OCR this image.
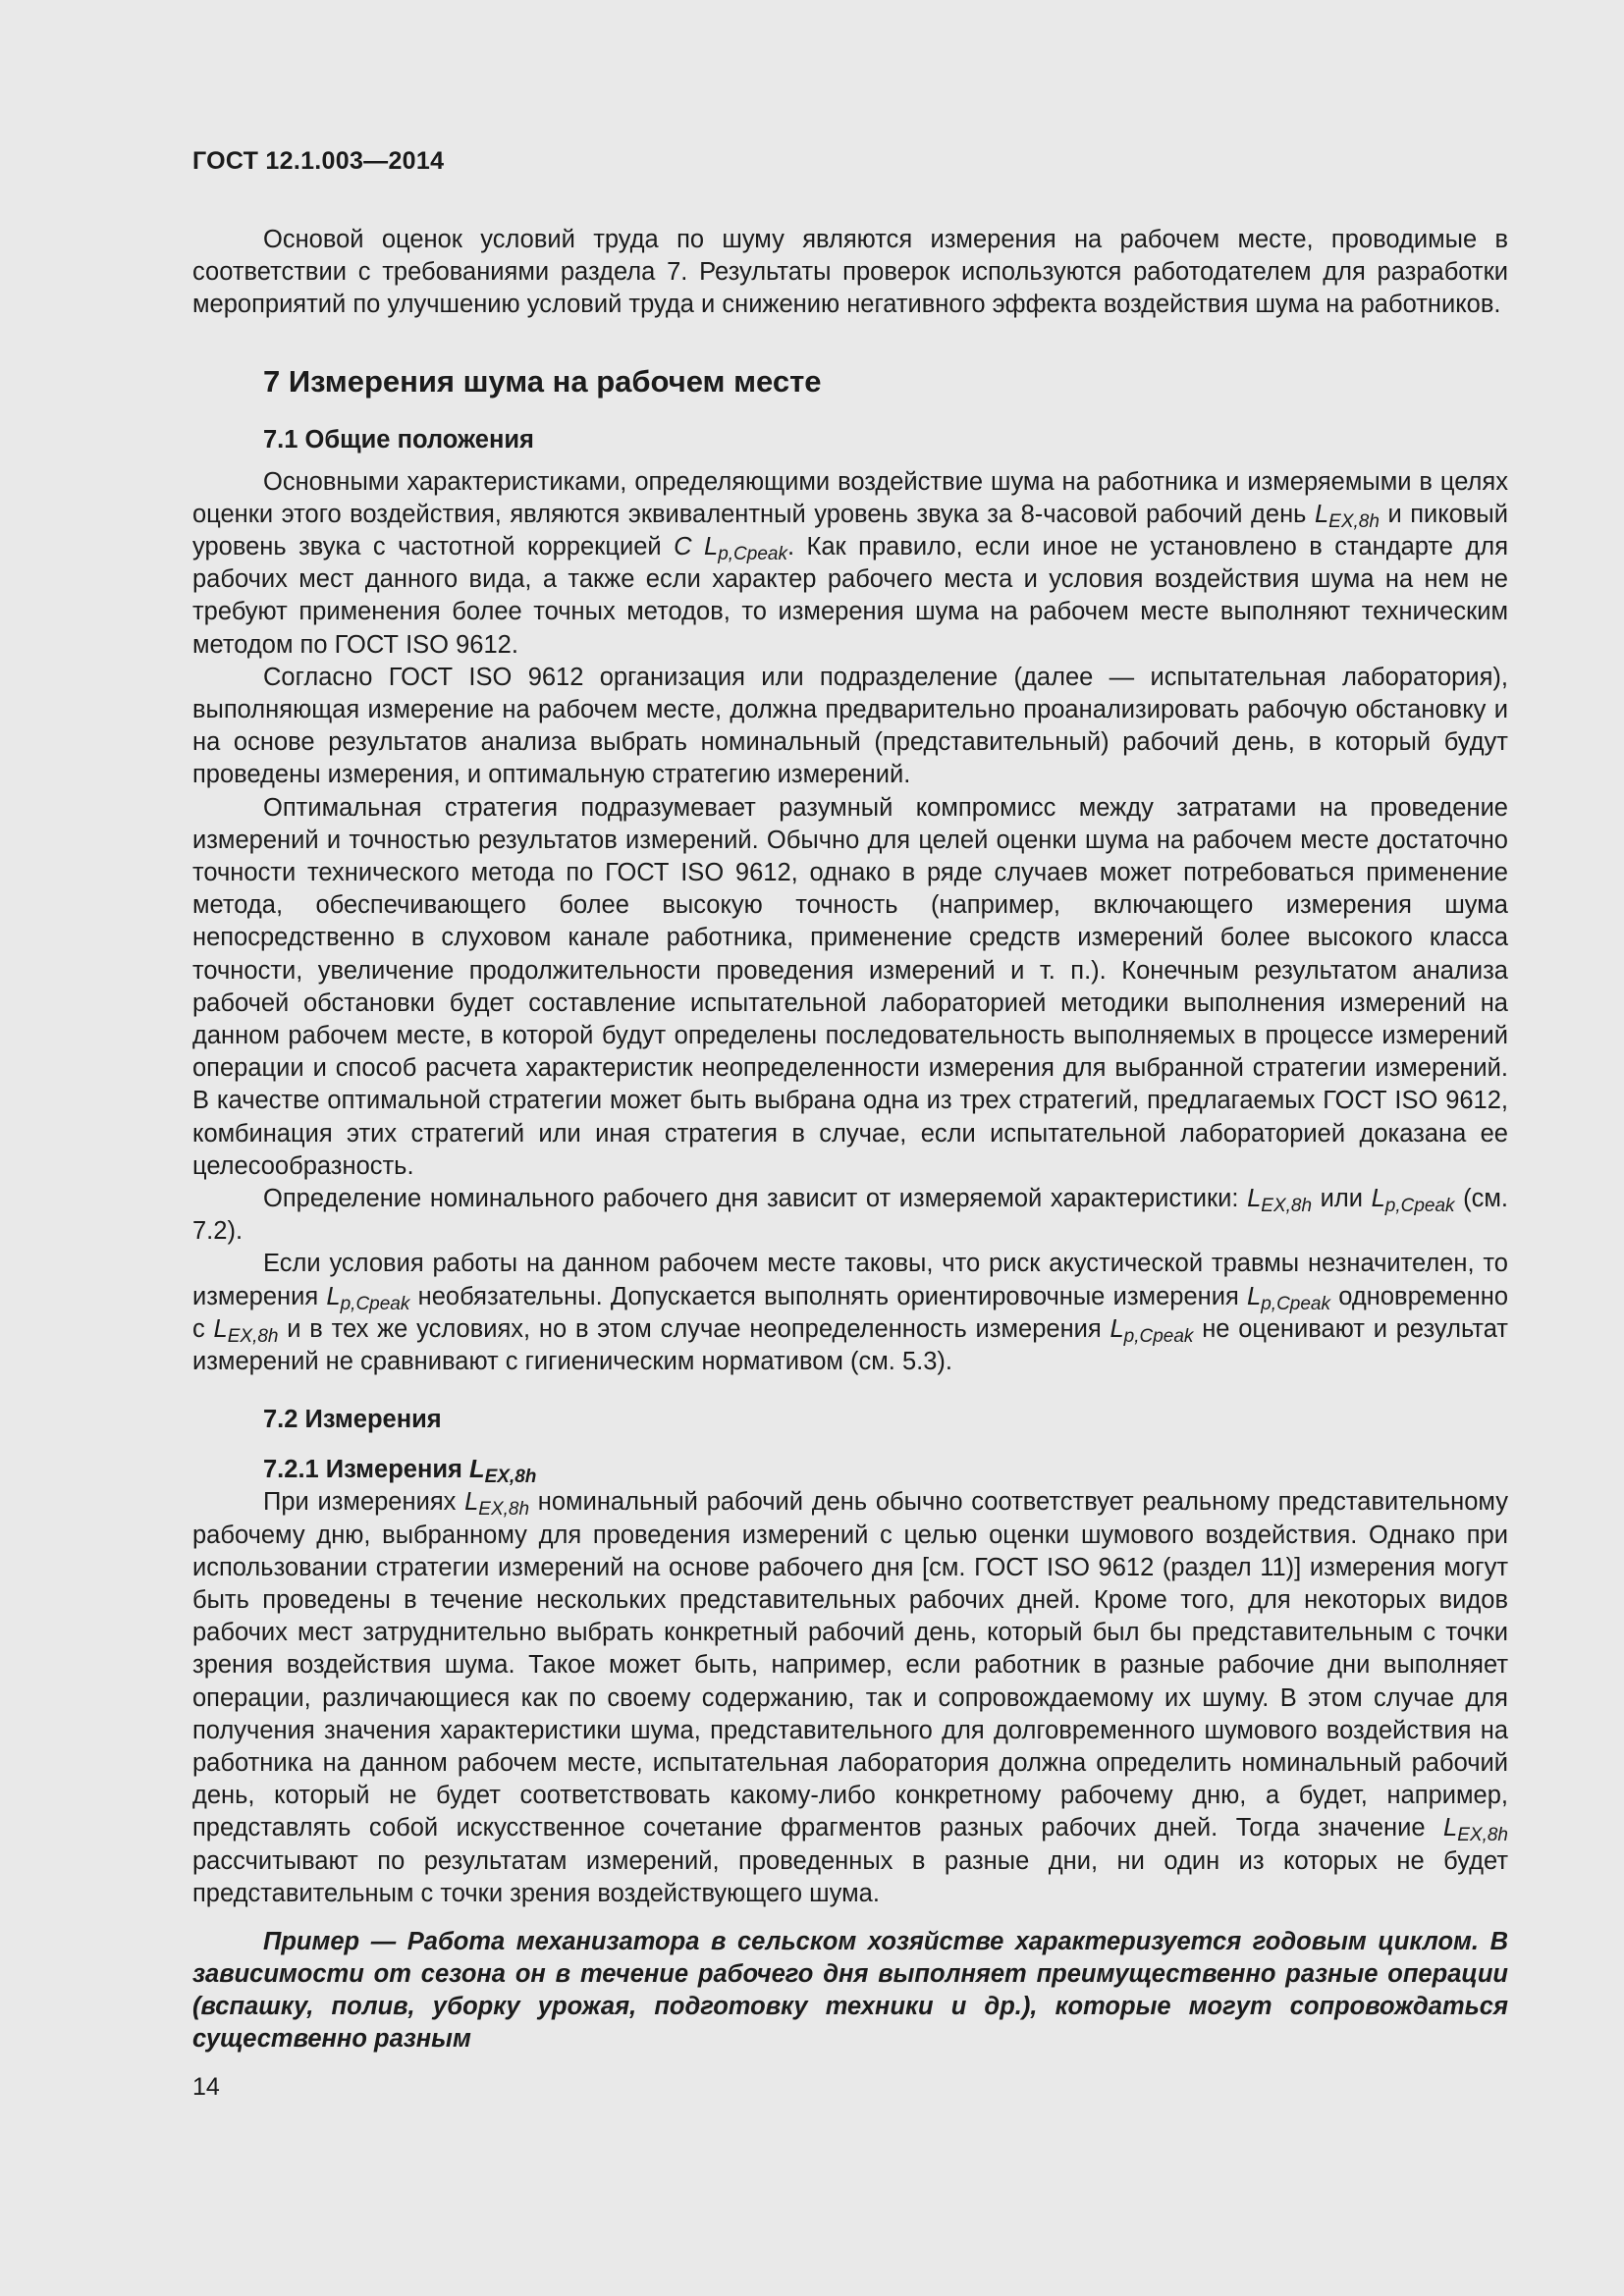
ГОСТ 12.1.003—2014

Основой оценок условий труда по шуму являются измерения на рабочем месте, проводимые в соответствии с требованиями раздела 7. Результаты проверок используются работодателем для разработки мероприятий по улучшению условий труда и снижению негативного эффекта воздействия шума на работников.

7 Измерения шума на рабочем месте
7.1 Общие положения

Основными характеристиками, определяющими воздействие шума на работника и измеряемыми в целях оценки этого воздействия, являются эквивалентный уровень звука за 8-часовой рабочий день $L_{EX,8h}$ и пиковый уровень звука с частотной коррекцией C $L_{p,Cpeak}$. Как правило, если иное не установлено в стандарте для рабочих мест данного вида, а также если характер рабочего места и условия воздействия шума на нем не требуют применения более точных методов, то измерения шума на рабочем месте выполняют техническим методом по ГОСТ ISO 9612.

Согласно ГОСТ ISO 9612 организация или подразделение (далее — испытательная лаборатория), выполняющая измерение на рабочем месте, должна предварительно проанализировать рабочую обстановку и на основе результатов анализа выбрать номинальный (представительный) рабочий день, в который будут проведены измерения, и оптимальную стратегию измерений.

Оптимальная стратегия подразумевает разумный компромисс между затратами на проведение измерений и точностью результатов измерений. Обычно для целей оценки шума на рабочем месте достаточно точности технического метода по ГОСТ ISO 9612, однако в ряде случаев может потребоваться применение метода, обеспечивающего более высокую точность (например, включающего измерения шума непосредственно в слуховом канале работника, применение средств измерений более высокого класса точности, увеличение продолжительности проведения измерений и т. п.). Конечным результатом анализа рабочей обстановки будет составление испытательной лабораторией методики выполнения измерений на данном рабочем месте, в которой будут определены последовательность выполняемых в процессе измерений операции и способ расчета характеристик неопределенности измерения для выбранной стратегии измерений. В качестве оптимальной стратегии может быть выбрана одна из трех стратегий, предлагаемых ГОСТ ISO 9612, комбинация этих стратегий или иная стратегия в случае, если испытательной лабораторией доказана ее целесообразность.

Определение номинального рабочего дня зависит от измеряемой характеристики: $L_{EX,8h}$ или $L_{p,Cpeak}$ (см. 7.2).

Если условия работы на данном рабочем месте таковы, что риск акустической травмы незначителен, то измерения $L_{p,Cpeak}$ необязательны. Допускается выполнять ориентировочные измерения $L_{p,Cpeak}$ одновременно с $L_{EX,8h}$ и в тех же условиях, но в этом случае неопределенность измерения $L_{p,Cpeak}$ не оценивают и результат измерений не сравнивают с гигиеническим нормативом (см. 5.3).

7.2 Измерения
7.2.1 Измерения $L_{EX,8h}$

При измерениях $L_{EX,8h}$ номинальный рабочий день обычно соответствует реальному представительному рабочему дню, выбранному для проведения измерений с целью оценки шумового воздействия. Однако при использовании стратегии измерений на основе рабочего дня [см. ГОСТ ISO 9612 (раздел 11)] измерения могут быть проведены в течение нескольких представительных рабочих дней. Кроме того, для некоторых видов рабочих мест затруднительно выбрать конкретный рабочий день, который был бы представительным с точки зрения воздействия шума. Такое может быть, например, если работник в разные рабочие дни выполняет операции, различающиеся как по своему содержанию, так и сопровождаемому их шуму. В этом случае для получения значения характеристики шума, представительного для долговременного шумового воздействия на работника на данном рабочем месте, испытательная лаборатория должна определить номинальный рабочий день, который не будет соответствовать какому-либо конкретному рабочему дню, а будет, например, представлять собой искусственное сочетание фрагментов разных рабочих дней. Тогда значение $L_{EX,8h}$ рассчитывают по результатам измерений, проведенных в разные дни, ни один из которых не будет представительным с точки зрения воздействующего шума.

Пример — Работа механизатора в сельском хозяйстве характеризуется годовым циклом. В зависимости от сезона он в течение рабочего дня выполняет преимущественно разные операции (вспашку, полив, уборку урожая, подготовку техники и др.), которые могут сопровождаться существенно разным

14
